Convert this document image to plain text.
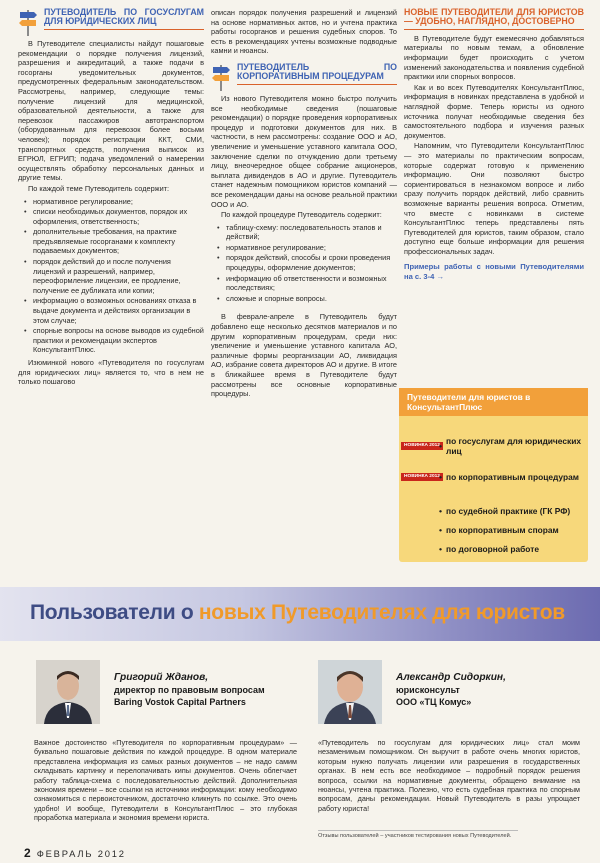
ПУТЕВОДИТЕЛЬ ПО ГОСУСЛУГАМ ДЛЯ ЮРИДИЧЕСКИХ ЛИЦ

В Путеводителе специалисты найдут пошаговые рекомендации о порядке получения лицензий, разрешения и аккредитаций, а также подачи в госорганы уведомительных документов, предусмотренных федеральным законодательством. Рассмотрены, например, следующие темы: получение лицензий для медицинской, образовательной деятельности, а также для перевозок пассажиров автотранспортом (оборудованным для перевозок более восьми человек); порядок регистрации ККТ, СМИ, транспортных средств, получения выписок из ЕГРЮЛ, ЕГРИП; подача уведомлений о намерении осуществлять обработку персональных данных и другие темы.

По каждой теме Путеводитель содержит:

• нормативное регулирование;
• списки необходимых документов, порядок их оформления, ответственность;
• дополнительные требования, на практике предъявляемые госорганами к комплекту подаваемых документов;
• порядок действий до и после получения лицензий и разрешений, например, переоформление лицензии, ее продление, получение ее дубликата или копии;
• информацию о возможных основаниях отказа в выдаче документа и действиях организации в этом случае;
• спорные вопросы на основе выводов из судебной практики и рекомендации экспертов КонсультантПлюс.

Изюминкой нового «Путеводителя по госуслугам для юридических лиц» является то, что в нем не только пошагово

описан порядок получения разрешений и лицензий на основе нормативных актов, но и учтена практика работы госорганов и решения судебных споров. То есть в рекомендациях учтены возможные подводные камни и нюансы.

ПУТЕВОДИТЕЛЬ ПО КОРПОРАТИВНЫМ ПРОЦЕДУРАМ

Из нового Путеводителя можно быстро получить все необходимые сведения (пошаговые рекомендации) о порядке проведения корпоративных процедур и подготовки документов для них. В частности, в нем рассмотрены: создание ООО и АО, увеличение и уменьшение уставного капитала ООО, заключение сделки по отчуждению доли третьему лицу, внеочередное общее собрание акционеров, выплата дивидендов в АО и другие. Путеводитель станет надежным помощником юристов компаний — все рекомендации даны на основе реальной практики ООО и АО.

По каждой процедуре Путеводитель содержит:

• таблицу-схему: последовательность этапов и действий;
• нормативное регулирование;
• порядок действий, способы и сроки проведения процедуры, оформление документов;
• информацию об ответственности и возможных последствиях;
• сложные и спорные вопросы.

В феврале-апреле в Путеводитель будут добавлено еще несколько десятков материалов и по другим корпоративным процедурам, среди них: увеличение и уменьшение уставного капитала АО, различные формы реорганизации АО, ликвидация АО, избрание совета директоров АО и другие. В итоге в ближайшее время в Путеводителе будут рассмотрены все основные корпоративные процедуры.

НОВЫЕ ПУТЕВОДИТЕЛИ ДЛЯ ЮРИСТОВ — УДОБНО, НАГЛЯДНО, ДОСТОВЕРНО

В Путеводителе будут ежемесячно добавляться материалы по новым темам, а обновление информации будет происходить с учетом изменений законодательства и появления судебной практики или спорных вопросов.

Как и во всех Путеводителях КонсультантПлюс, информация в новинках представлена в удобной и наглядной форме. Теперь юристы из одного источника получат необходимые сведения без самостоятельного подбора и изучения разных документов.

Напомним, что Путеводители КонсультантПлюс — это материалы по практическим вопросам, которые содержат готовую к применению информацию. Они позволяют быстро сориентироваться в незнакомом вопросе и либо сразу получить порядок действий, либо сравнить возможные варианты решения вопроса. Отметим, что вместе с новинками в системе КонсультантПлюс теперь представлены пять Путеводителей для юристов, таким образом, стало доступно еще больше информации для решения профессиональных задач.

Примеры работы с новыми Путеводителями на с. 3-4 →
Путеводители для юристов в КонсультантПлюс
НОВИНКА 2012 • по госуслугам для юридических лиц
НОВИНКА 2012 • по корпоративным процедурам
• по судебной практике (ГК РФ)
• по корпоративным спорам
• по договорной работе
Пользователи о новых Путеводителях для юристов
Григорий Жданов,
директор по правовым вопросам
Baring Vostok Capital Partners
Важное достоинство «Путеводителя по корпоративным процедурам» — буквально пошаговые действия по каждой процедуре. В одном материале представлена информация из самых разных документов – не надо самим складывать картинку и перелопачивать кипы документов. Очень облегчает работу таблица-схема с последовательностью действий. Дополнительная экономия времени – все ссылки на источники информации: кому необходимо ознакомиться с первоисточником, достаточно кликнуть по ссылке. Это очень удобно! И вообще, Путеводители в КонсультантПлюс – это глубокая проработка материала и экономия времени юриста.
Александр Сидоркин,
юрисконсульт
ООО «ТЦ Комус»
«Путеводитель по госуслугам для юридических лиц» стал моим незаменимым помощником. Он выручит в работе очень многих юристов, которым нужно получать лицензии или разрешения в государственных органах. В нем есть все необходимое – подробный порядок решения вопроса, ссылки на нормативные документы, обращено внимание на нюансы, учтена практика. Полезно, что есть судебная практика по спорным вопросам, даны рекомендации. Новый Путеводитель в разы упрощает работу юриста!
Отзывы пользователей – участников тестирования новых Путеводителей.
2 ФЕВРАЛЬ 2012
